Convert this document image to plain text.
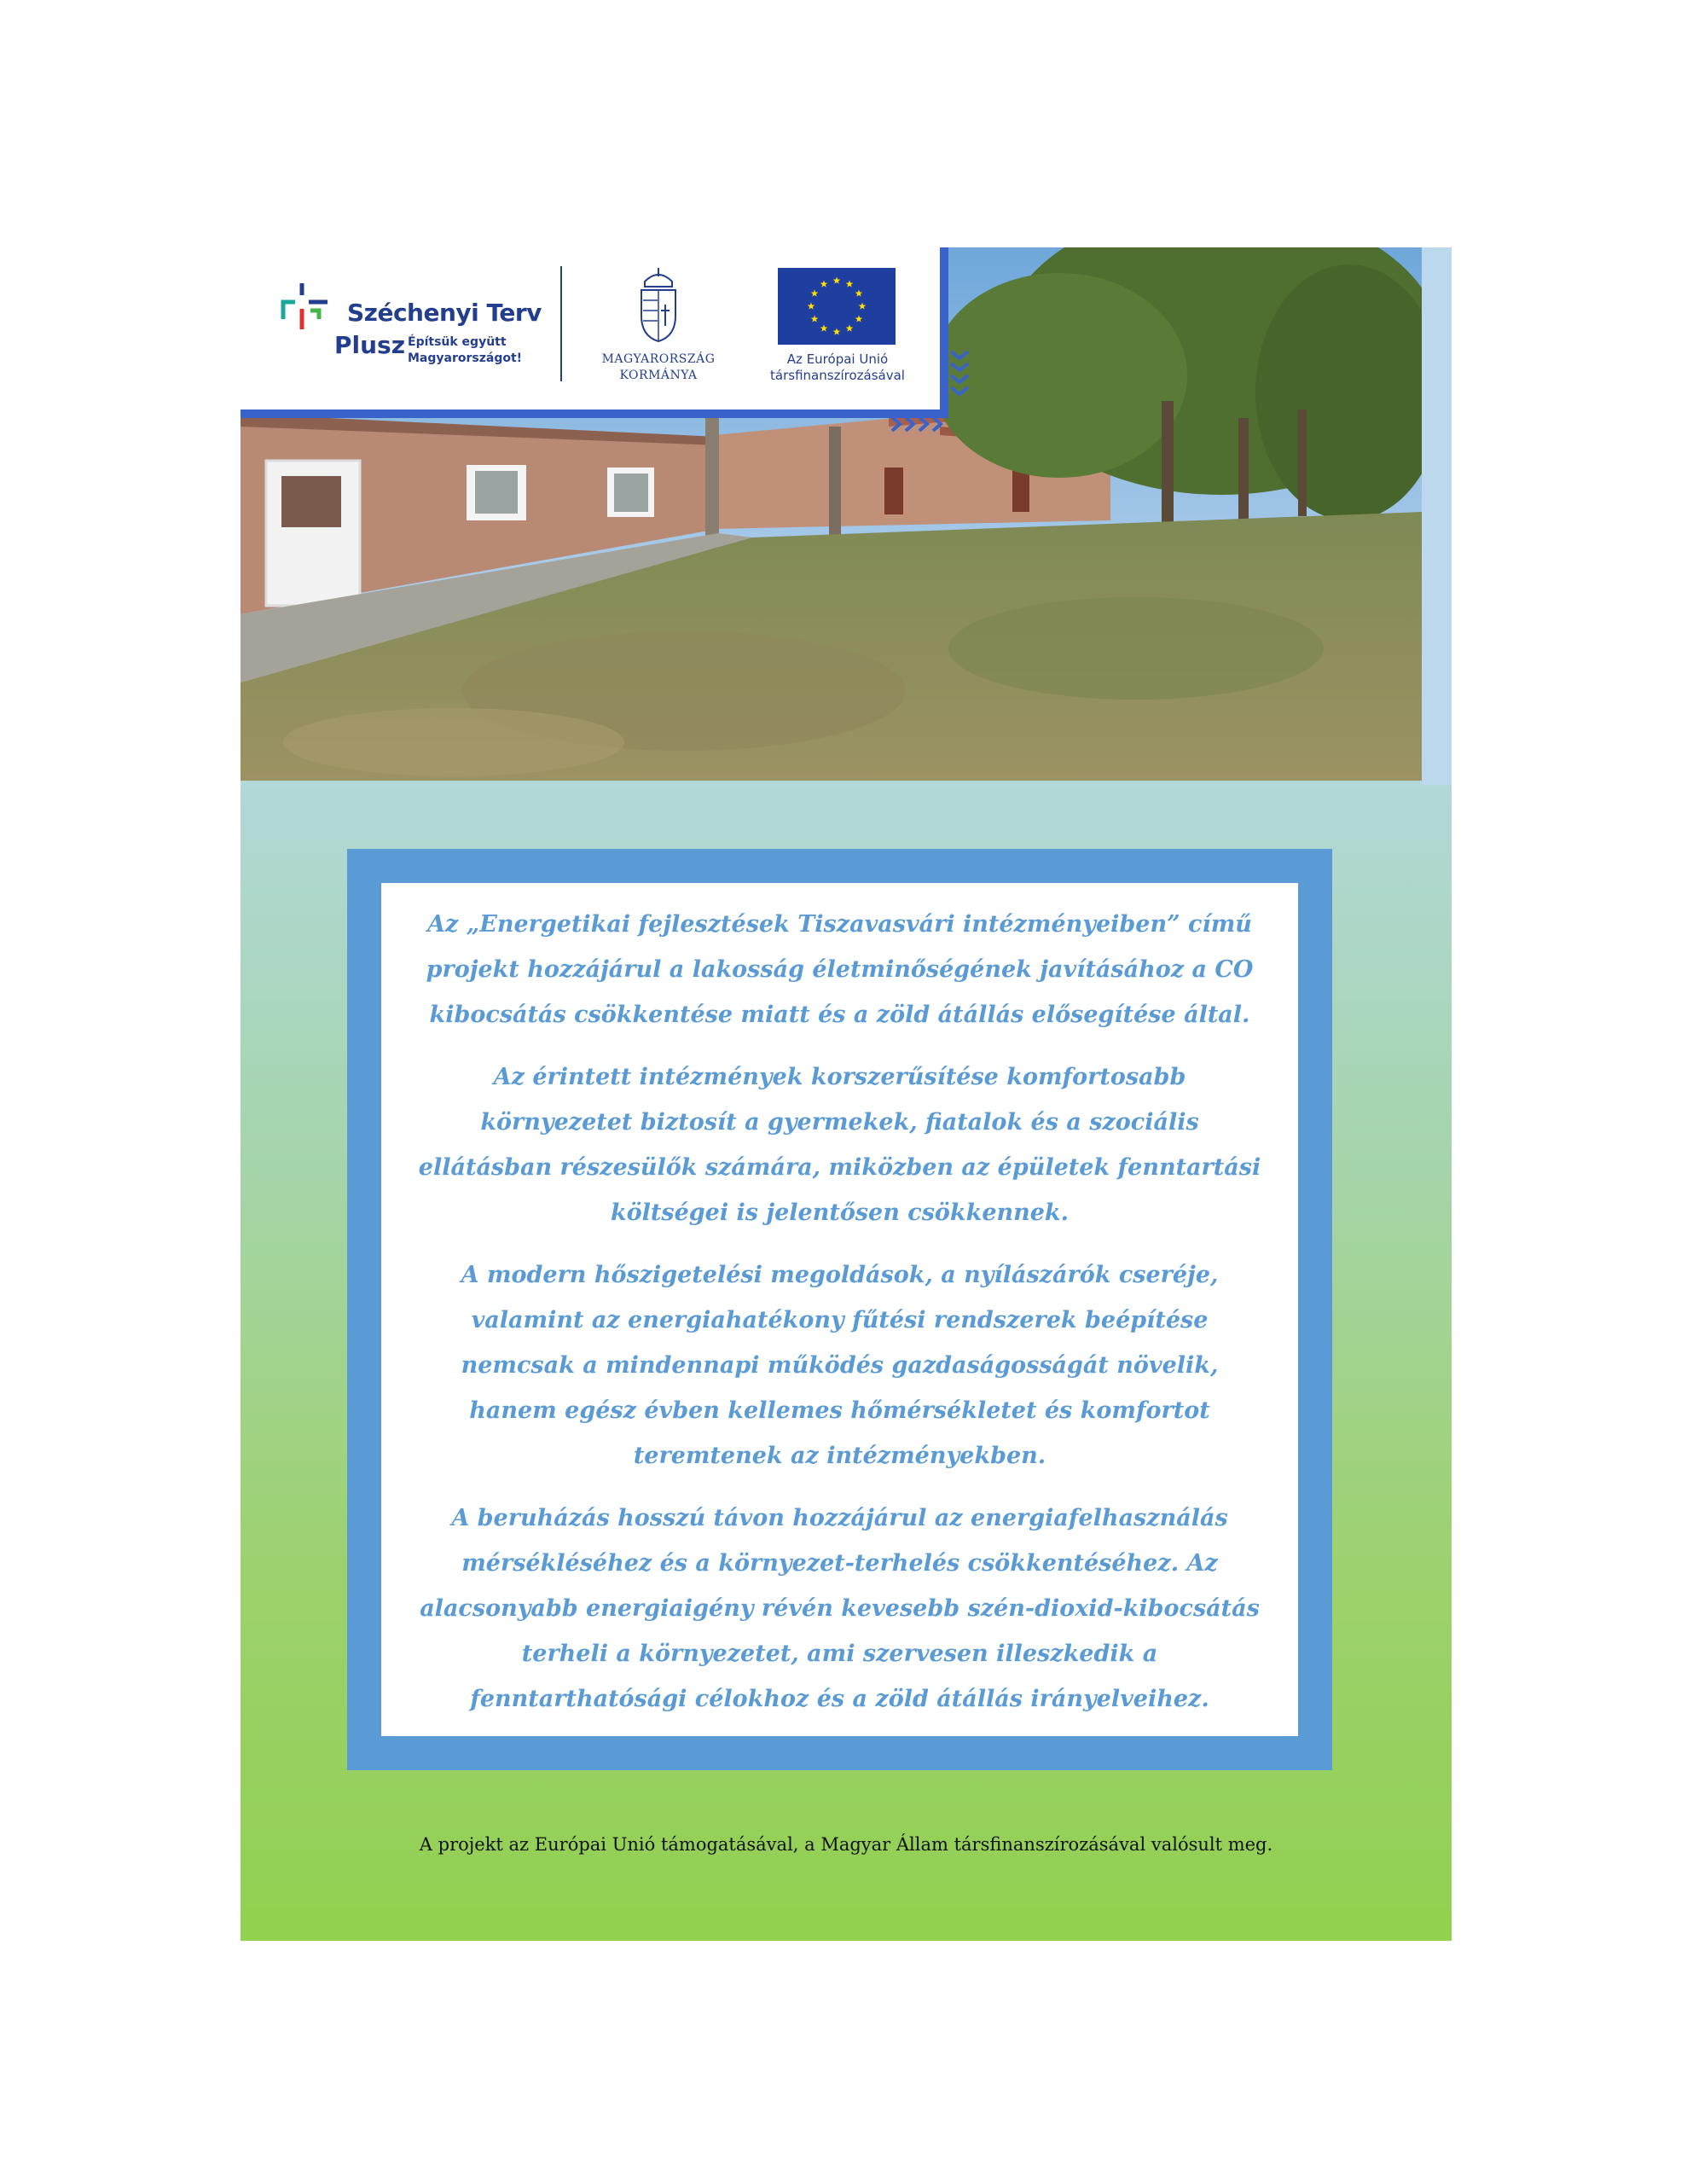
Széchenyi Terv
Plusz Építsük együtt
Magyarországot!	MAGYARORSZÁG
KORMÁNYA
Az Európai Unió
társfinanszírozásával

Az „Energetikai fejlesztések Tiszavasvári intézményeiben” című projekt hozzájárul a lakosság életminőségének javításához a CO kibocsátás csökkentése miatt és a zöld átállás elősegítése által.

Az érintett intézmények korszerűsítése komfortosabb környezetet biztosít a gyermekek, fiatalok és a szociális ellátásban részesülők számára, miközben az épületek fenntartási költségei is jelentősen csökkennek.

A modern hőszigetelési megoldások, a nyílászárók cseréje, valamint az energiahatékony fűtési rendszerek beépítése nemcsak a mindennapi működés gazdaságosságát növelik, hanem egész évben kellemes hőmérsékletet és komfortot teremtenek az intézményekben.

A beruházás hosszú távon hozzájárul az energiafelhasználás mérsékléséhez és a környezet-terhelés csökkentéséhez. Az alacsonyabb energiaigény révén kevesebb szén-dioxid-kibocsátás terheli a környezetet, ami szervesen illeszkedik a fenntarthatósági célokhoz és a zöld átállás irányelveihez.

A projekt az Európai Unió támogatásával, a Magyar Állam társfinanszírozásával valósult meg.
